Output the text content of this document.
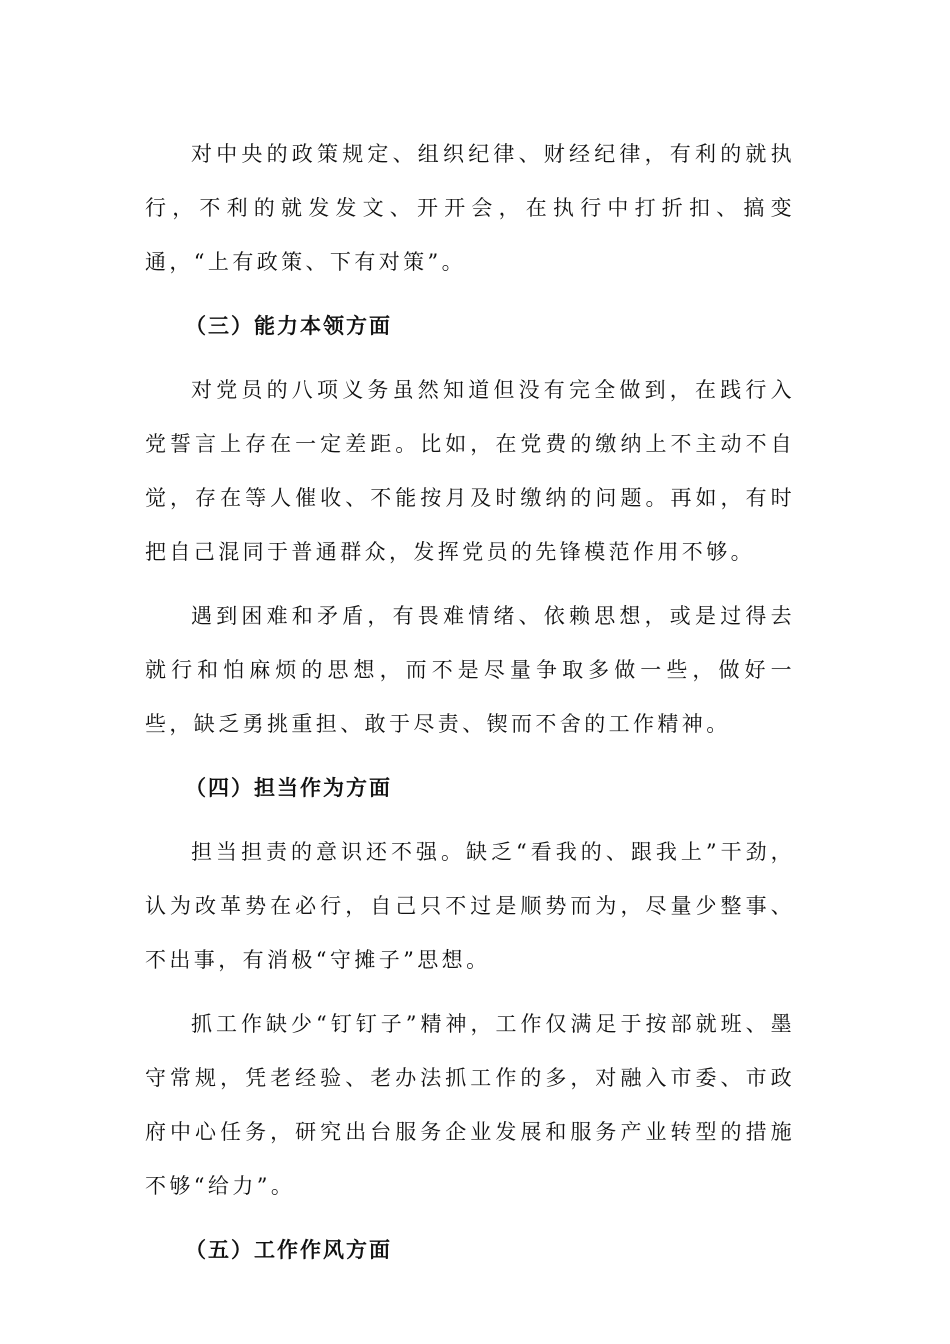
对中央的政策规定、组织纪律、财经纪律，有利的就执行，不利的就发发文、开开会，在执行中打折扣、搞变通，“上有政策、下有对策”。

（三）能力本领方面

对党员的八项义务虽然知道但没有完全做到，在践行入党誓言上存在一定差距。比如，在党费的缴纳上不主动不自觉，存在等人催收、不能按月及时缴纳的问题。再如，有时把自己混同于普通群众，发挥党员的先锋模范作用不够。

遇到困难和矛盾，有畏难情绪、依赖思想，或是过得去就行和怕麻烦的思想，而不是尽量争取多做一些，做好一些，缺乏勇挑重担、敢于尽责、锲而不舍的工作精神。

（四）担当作为方面

担当担责的意识还不强。缺乏“看我的、跟我上”干劲，认为改革势在必行，自己只不过是顺势而为，尽量少整事、不出事，有消极“守摊子”思想。

抓工作缺少“钉钉子”精神，工作仅满足于按部就班、墨守常规，凭老经验、老办法抓工作的多，对融入市委、市政府中心任务，研究出台服务企业发展和服务产业转型的措施不够“给力”。

（五）工作作风方面
